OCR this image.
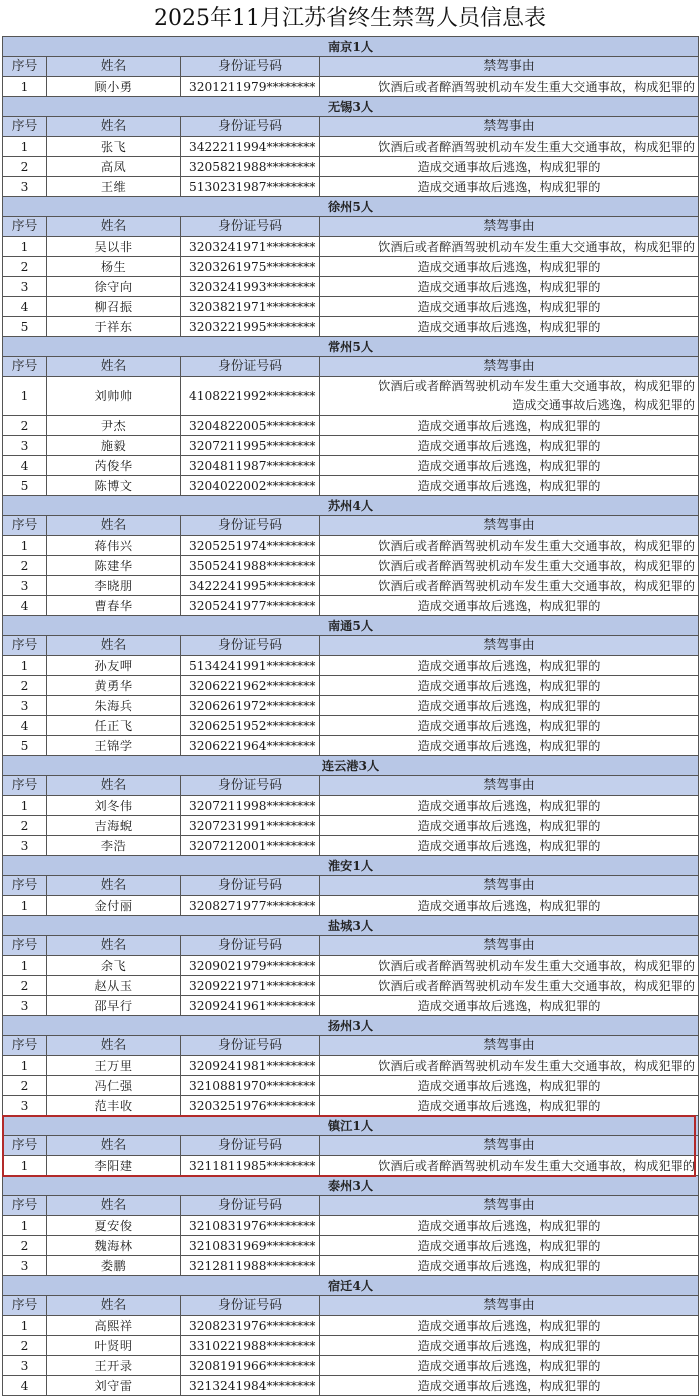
2025年11月江苏省终生禁驾人员信息表
南京1人			
序号	姓名	身份证号码	禁驾事由
1	顾小勇	3201211979********	饮酒后或者醉酒驾驶机动车发生重大交通事故，构成犯罪的
无锡3人			
序号	姓名	身份证号码	禁驾事由
1	张飞	3422211994********	饮酒后或者醉酒驾驶机动车发生重大交通事故，构成犯罪的
2	高凤	3205821988********	造成交通事故后逃逸，构成犯罪的
3	王维	5130231987********	造成交通事故后逃逸，构成犯罪的
徐州5人			
序号	姓名	身份证号码	禁驾事由
1	吴以非	3203241971********	饮酒后或者醉酒驾驶机动车发生重大交通事故，构成犯罪的
2	杨生	3203261975********	造成交通事故后逃逸，构成犯罪的
3	徐守向	3203241993********	造成交通事故后逃逸，构成犯罪的
4	柳召振	3203821971********	造成交通事故后逃逸，构成犯罪的
5	于祥东	3203221995********	造成交通事故后逃逸，构成犯罪的
常州5人			
序号	姓名	身份证号码	禁驾事由
1	刘帅帅	4108221992********	饮酒后或者醉酒驾驶机动车发生重大交通事故，构成犯罪的
造成交通事故后逃逸，构成犯罪的

2	尹杰	3204822005********	造成交通事故后逃逸，构成犯罪的
3	施毅	3207211995********	造成交通事故后逃逸，构成犯罪的
4	芮俊华	3204811987********	造成交通事故后逃逸，构成犯罪的
5	陈博文	3204022002********	造成交通事故后逃逸，构成犯罪的
苏州4人			
序号	姓名	身份证号码	禁驾事由
1	蒋伟兴	3205251974********	饮酒后或者醉酒驾驶机动车发生重大交通事故，构成犯罪的
2	陈建华	3505241988********	饮酒后或者醉酒驾驶机动车发生重大交通事故，构成犯罪的
3	李晓朋	3422241995********	饮酒后或者醉酒驾驶机动车发生重大交通事故，构成犯罪的
4	曹春华	3205241977********	造成交通事故后逃逸，构成犯罪的
南通5人			
序号	姓名	身份证号码	禁驾事由
1	孙友呷	5134241991********	造成交通事故后逃逸，构成犯罪的
2	黄勇华	3206221962********	造成交通事故后逃逸，构成犯罪的
3	朱海兵	3206261972********	造成交通事故后逃逸，构成犯罪的
4	任正飞	3206251952********	造成交通事故后逃逸，构成犯罪的
5	王锦学	3206221964********	造成交通事故后逃逸，构成犯罪的
连云港3人			
序号	姓名	身份证号码	禁驾事由
1	刘冬伟	3207211998********	造成交通事故后逃逸，构成犯罪的
2	吉海蜺	3207231991********	造成交通事故后逃逸，构成犯罪的
3	李浩	3207212001********	造成交通事故后逃逸，构成犯罪的
淮安1人			
序号	姓名	身份证号码	禁驾事由
1	金付丽	3208271977********	造成交通事故后逃逸，构成犯罪的
盐城3人			
序号	姓名	身份证号码	禁驾事由
1	余飞	3209021979********	饮酒后或者醉酒驾驶机动车发生重大交通事故，构成犯罪的
2	赵从玉	3209221971********	饮酒后或者醉酒驾驶机动车发生重大交通事故，构成犯罪的
3	邵早行	3209241961********	造成交通事故后逃逸，构成犯罪的
扬州3人			
序号	姓名	身份证号码	禁驾事由
1	王万里	3209241981********	饮酒后或者醉酒驾驶机动车发生重大交通事故，构成犯罪的
2	冯仁强	3210881970********	造成交通事故后逃逸，构成犯罪的
3	范丰收	3203251976********	造成交通事故后逃逸，构成犯罪的
镇江1人			
序号	姓名	身份证号码	禁驾事由
1	李阳建	3211811985********	饮酒后或者醉酒驾驶机动车发生重大交通事故，构成犯罪的
泰州3人			
序号	姓名	身份证号码	禁驾事由
1	夏安俊	3210831976********	造成交通事故后逃逸，构成犯罪的
2	魏海林	3210831969********	造成交通事故后逃逸，构成犯罪的
3	娄鹏	3212811988********	造成交通事故后逃逸，构成犯罪的
宿迁4人			
序号	姓名	身份证号码	禁驾事由
1	高熙祥	3208231976********	造成交通事故后逃逸，构成犯罪的
2	叶贤明	3310221988********	造成交通事故后逃逸，构成犯罪的
3	王开录	3208191966********	造成交通事故后逃逸，构成犯罪的
4	刘守雷	3213241984********	造成交通事故后逃逸，构成犯罪的
